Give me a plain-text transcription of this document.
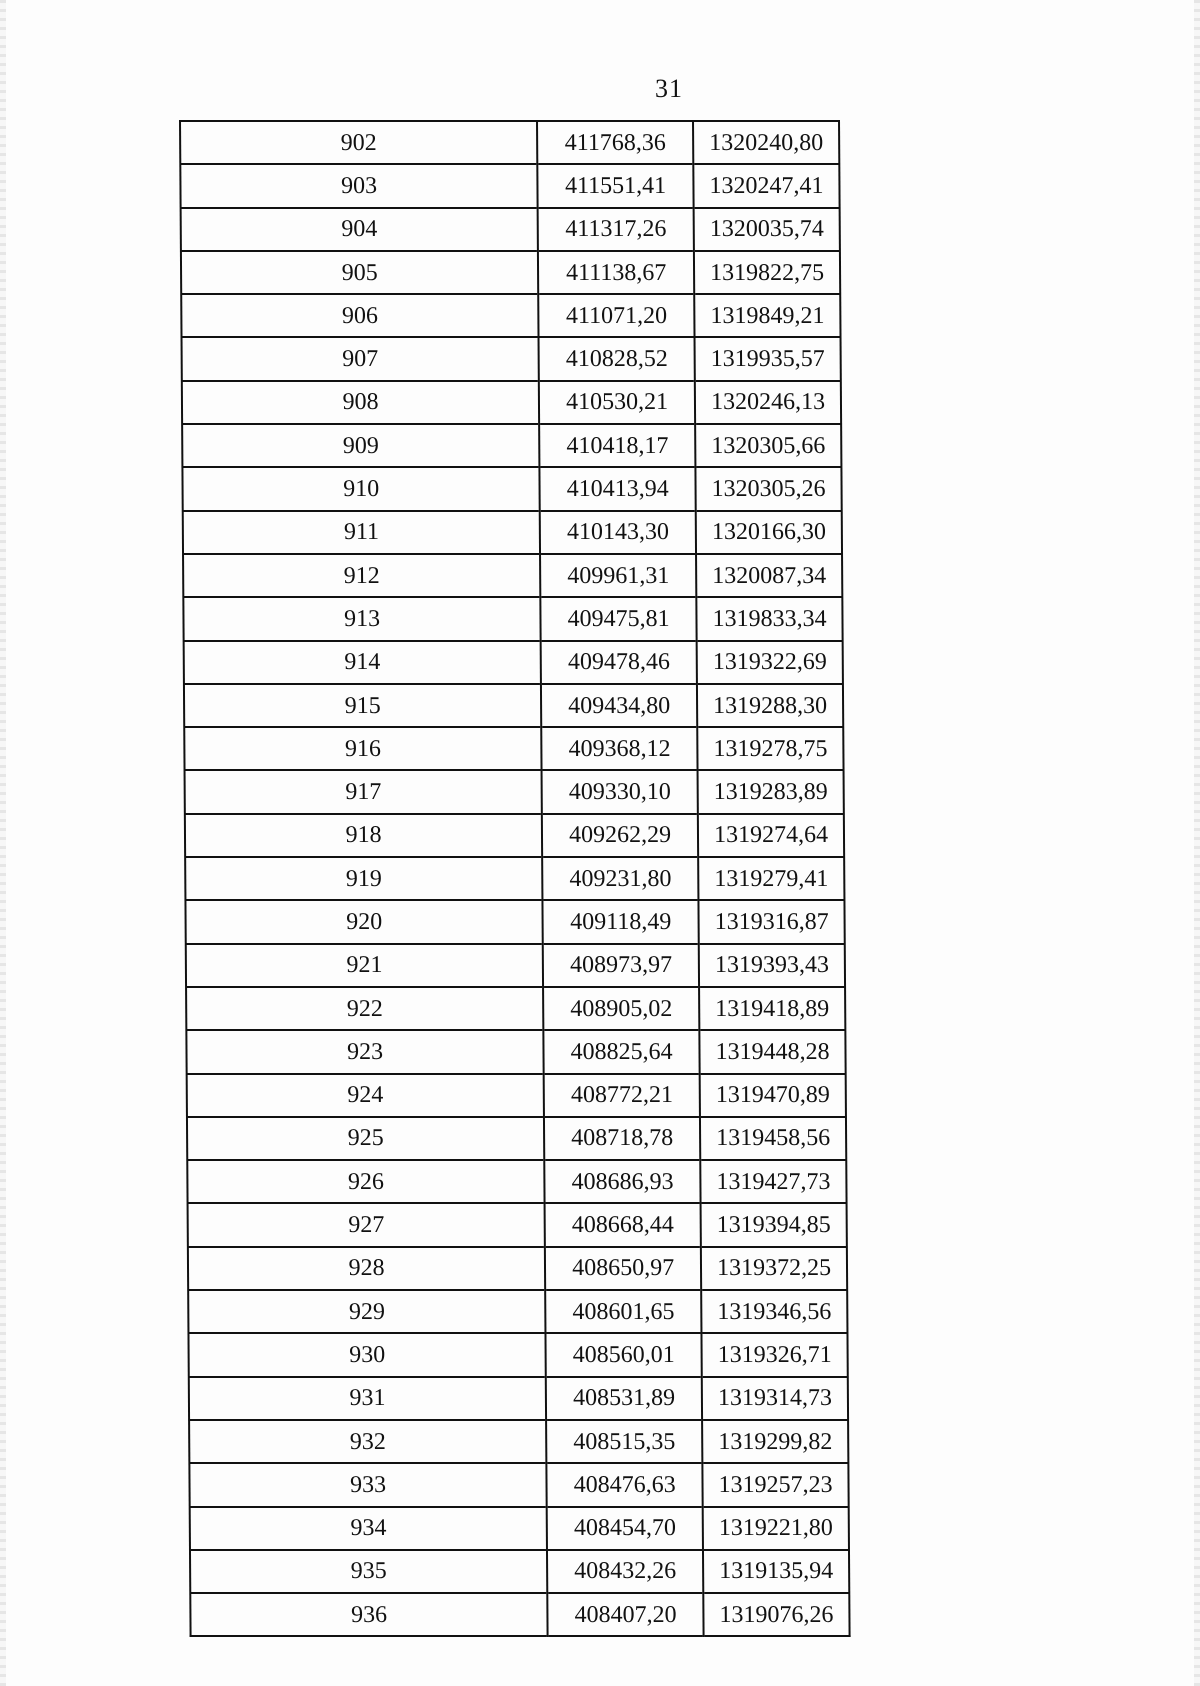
31
902	411768,36	1320240,80
903	411551,41	1320247,41
904	411317,26	1320035,74
905	411138,67	1319822,75
906	411071,20	1319849,21
907	410828,52	1319935,57
908	410530,21	1320246,13
909	410418,17	1320305,66
910	410413,94	1320305,26
911	410143,30	1320166,30
912	409961,31	1320087,34
913	409475,81	1319833,34
914	409478,46	1319322,69
915	409434,80	1319288,30
916	409368,12	1319278,75
917	409330,10	1319283,89
918	409262,29	1319274,64
919	409231,80	1319279,41
920	409118,49	1319316,87
921	408973,97	1319393,43
922	408905,02	1319418,89
923	408825,64	1319448,28
924	408772,21	1319470,89
925	408718,78	1319458,56
926	408686,93	1319427,73
927	408668,44	1319394,85
928	408650,97	1319372,25
929	408601,65	1319346,56
930	408560,01	1319326,71
931	408531,89	1319314,73
932	408515,35	1319299,82
933	408476,63	1319257,23
934	408454,70	1319221,80
935	408432,26	1319135,94
936	408407,20	1319076,26
